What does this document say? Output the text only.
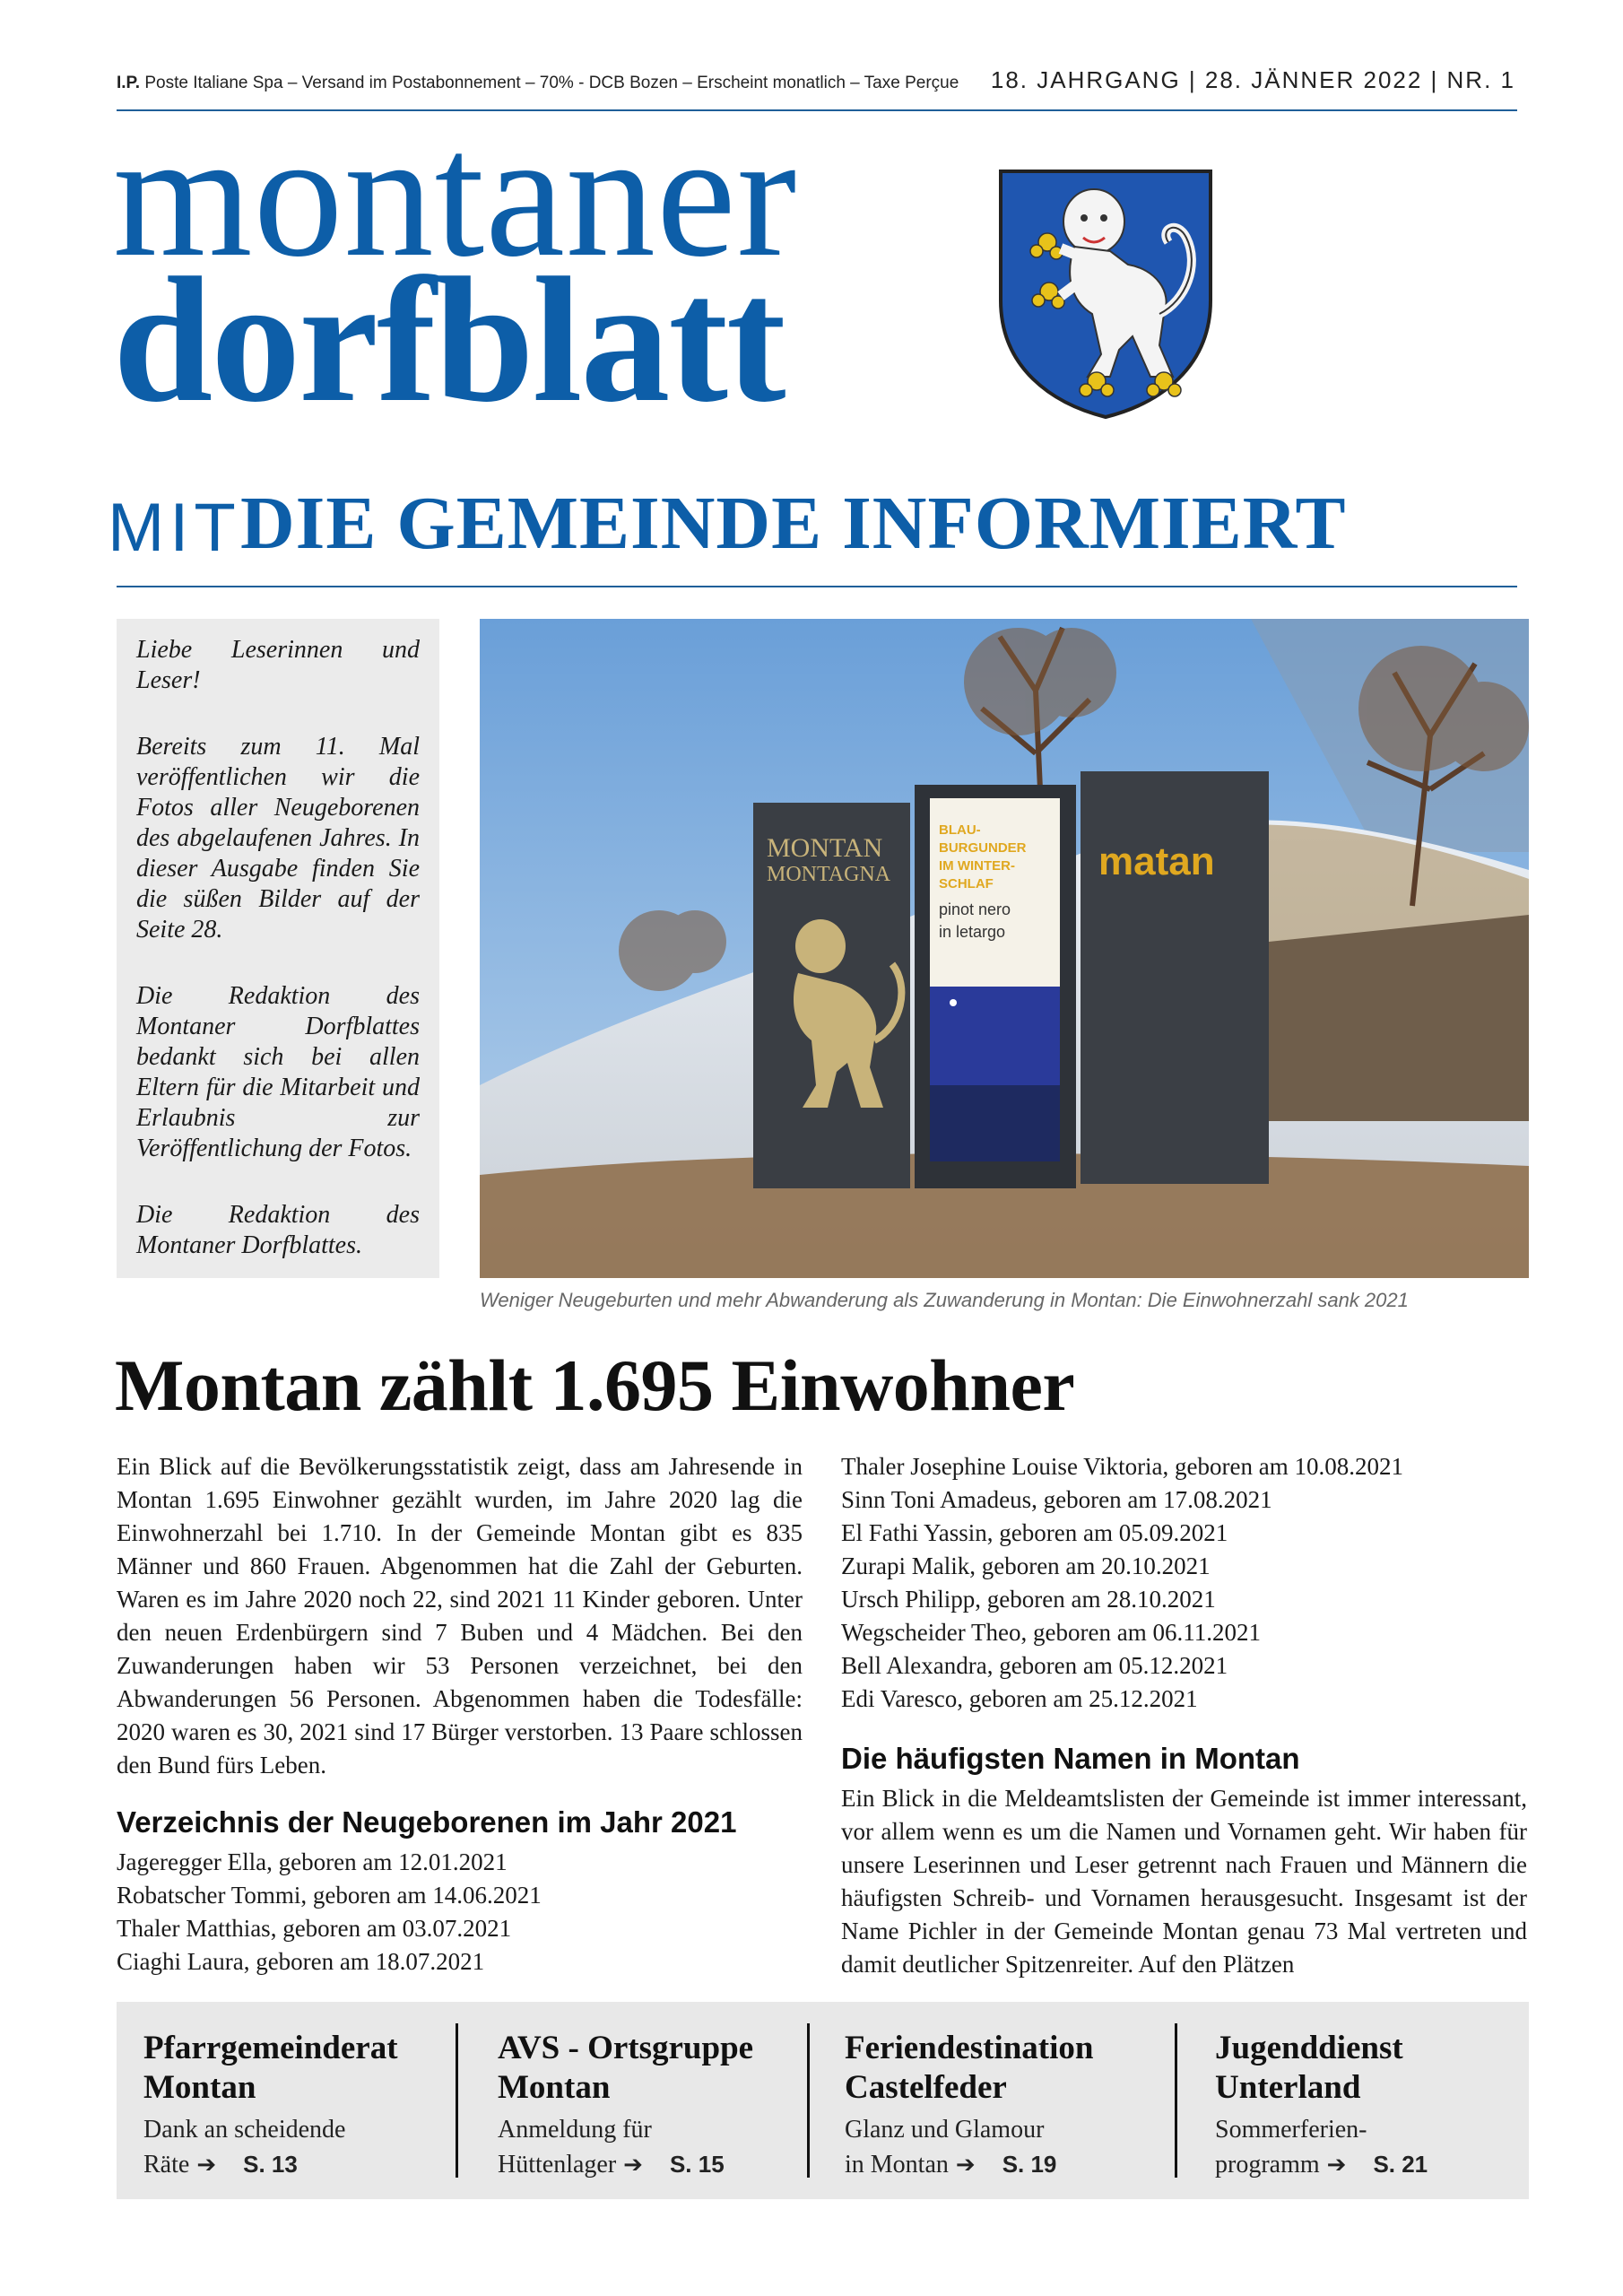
I.P. Poste Italiane Spa – Versand im Postabonnement – 70% - DCB Bozen – Erscheint monatlich – Taxe Perçue 18. JAHRGANG | 28. JÄNNER 2022 | NR. 1
montaner
dorfblatt
MIT DIE GEMEINDE INFORMIERT

Liebe Leserinnen und Leser!

Bereits zum 11. Mal veröffentlichen wir die Fotos aller Neugeborenen des abgelaufenen Jahres. In dieser Ausgabe finden Sie die süßen Bilder auf der Seite 28.

Die Redaktion des Montaner Dorfblattes bedankt sich bei allen Eltern für die Mitarbeit und Erlaubnis zur Veröffentlichung der Fotos.

Die Redaktion des Montaner Dorfblattes.

MONTAN
MONTAGNA
BLAU-
BURGUNDER
IM WINTER-
SCHLAF
pinot nero
in letargo
matan
Weniger Neugeburten und mehr Abwanderung als Zuwanderung in Montan: Die Einwohnerzahl sank 2021
Montan zählt 1.695 Einwohner

Ein Blick auf die Bevölkerungsstatistik zeigt, dass am Jahresende in Montan 1.695 Einwohner gezählt wurden, im Jahre 2020 lag die Einwohnerzahl bei 1.710. In der Gemeinde Montan gibt es 835 Männer und 860 Frauen. Abgenommen hat die Zahl der Geburten. Waren es im Jahre 2020 noch 22, sind 2021 11 Kinder geboren. Unter den neuen Erdenbürgern sind 7 Buben und 4 Mädchen. Bei den Zuwanderungen haben wir 53 Personen verzeichnet, bei den Abwanderungen 56 Personen. Abgenommen haben die Todesfälle: 2020 waren es 30, 2021 sind 17 Bürger verstorben. 13 Paare schlossen den Bund fürs Leben.

Verzeichnis der Neugeborenen im Jahr 2021
Jageregger Ella, geboren am 12.01.2021
Robatscher Tommi, geboren am 14.06.2021
Thaler Matthias, geboren am 03.07.2021
Ciaghi Laura, geboren am 18.07.2021
Thaler Josephine Louise Viktoria, geboren am 10.08.2021
Sinn Toni Amadeus, geboren am 17.08.2021
El Fathi Yassin, geboren am 05.09.2021
Zurapi Malik, geboren am 20.10.2021
Ursch Philipp, geboren am 28.10.2021
Wegscheider Theo, geboren am 06.11.2021
Bell Alexandra, geboren am 05.12.2021
Edi Varesco, geboren am 25.12.2021
Die häufigsten Namen in Montan

Ein Blick in die Meldeamtslisten der Gemeinde ist immer interessant, vor allem wenn es um die Namen und Vornamen geht. Wir haben für unsere Leserinnen und Leser getrennt nach Frauen und Männern die häufigsten Schreib- und Vornamen herausgesucht. Insgesamt ist der Name Pichler in der Gemeinde Montan genau 73 Mal vertreten und damit deutlicher Spitzenreiter. Auf den Plätzen

Pfarrgemeinderat
Montan
Dank an scheidende
Räte ➔ S. 13
AVS - Ortsgruppe
Montan
Anmeldung für
Hüttenlager ➔ S. 15
Feriendestination
Castelfeder
Glanz und Glamour
in Montan ➔ S. 19
Jugenddienst
Unterland
Sommerferien-
programm ➔ S. 21
